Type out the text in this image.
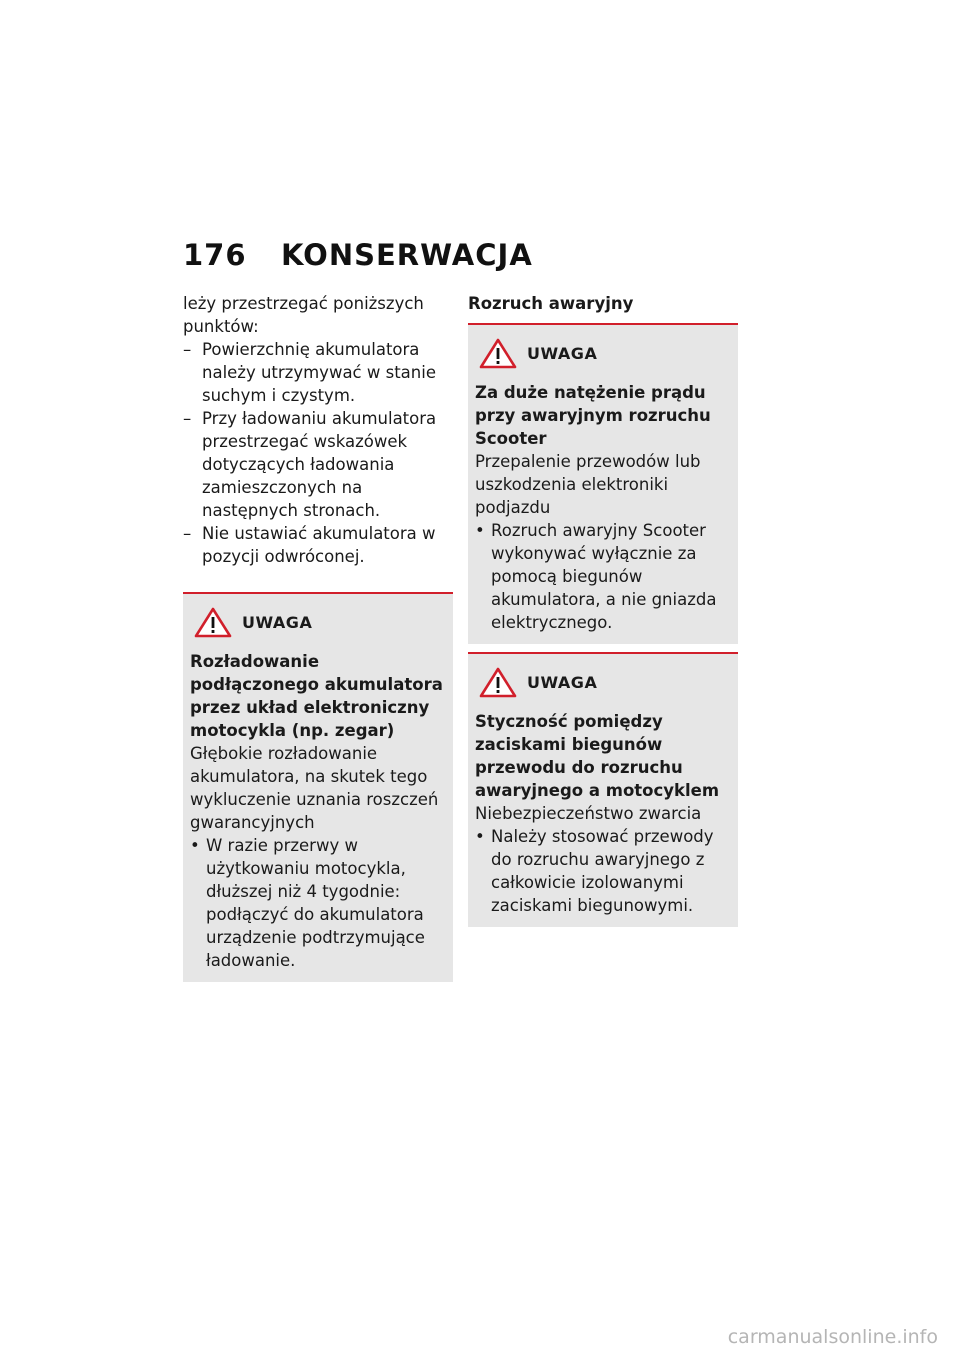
176 KONSERWACJA

leży przestrzegać poniższych punktów:

– Powierzchnię akumulatora należy utrzymywać w stanie suchym i czystym.
– Przy ładowaniu akumulatora przestrzegać wskazówek dotyczących ładowania zamieszczonych na następnych stronach.
– Nie ustawiać akumulatora w pozycji odwróconej.
UWAGA

Rozładowanie podłączonego akumulatora przez układ elektroniczny motocykla (np. zegar)

Głębokie rozładowanie akumulatora, na skutek tego wykluczenie uznania roszczeń gwarancyjnych

• W razie przerwy w użytkowaniu motocykla, dłuższej niż 4 tygodnie: podłączyć do akumulatora urządzenie podtrzymujące ładowanie.

Rozruch awaryjny

UWAGA

Za duże natężenie prądu przy awaryjnym rozruchu Scooter

Przepalenie przewodów lub uszkodzenia elektroniki podjazdu

• Rozruch awaryjny Scooter wykonywać wyłącznie za pomocą biegunów akumulatora, a nie gniazda elektrycznego.
UWAGA

Styczność pomiędzy zaciskami biegunów przewodu do rozruchu awaryjnego a motocyklem

Niebezpieczeństwo zwarcia

• Należy stosować przewody do rozruchu awaryjnego z całkowicie izolowanymi zaciskami biegunowymi.
carmanualsonline.info
